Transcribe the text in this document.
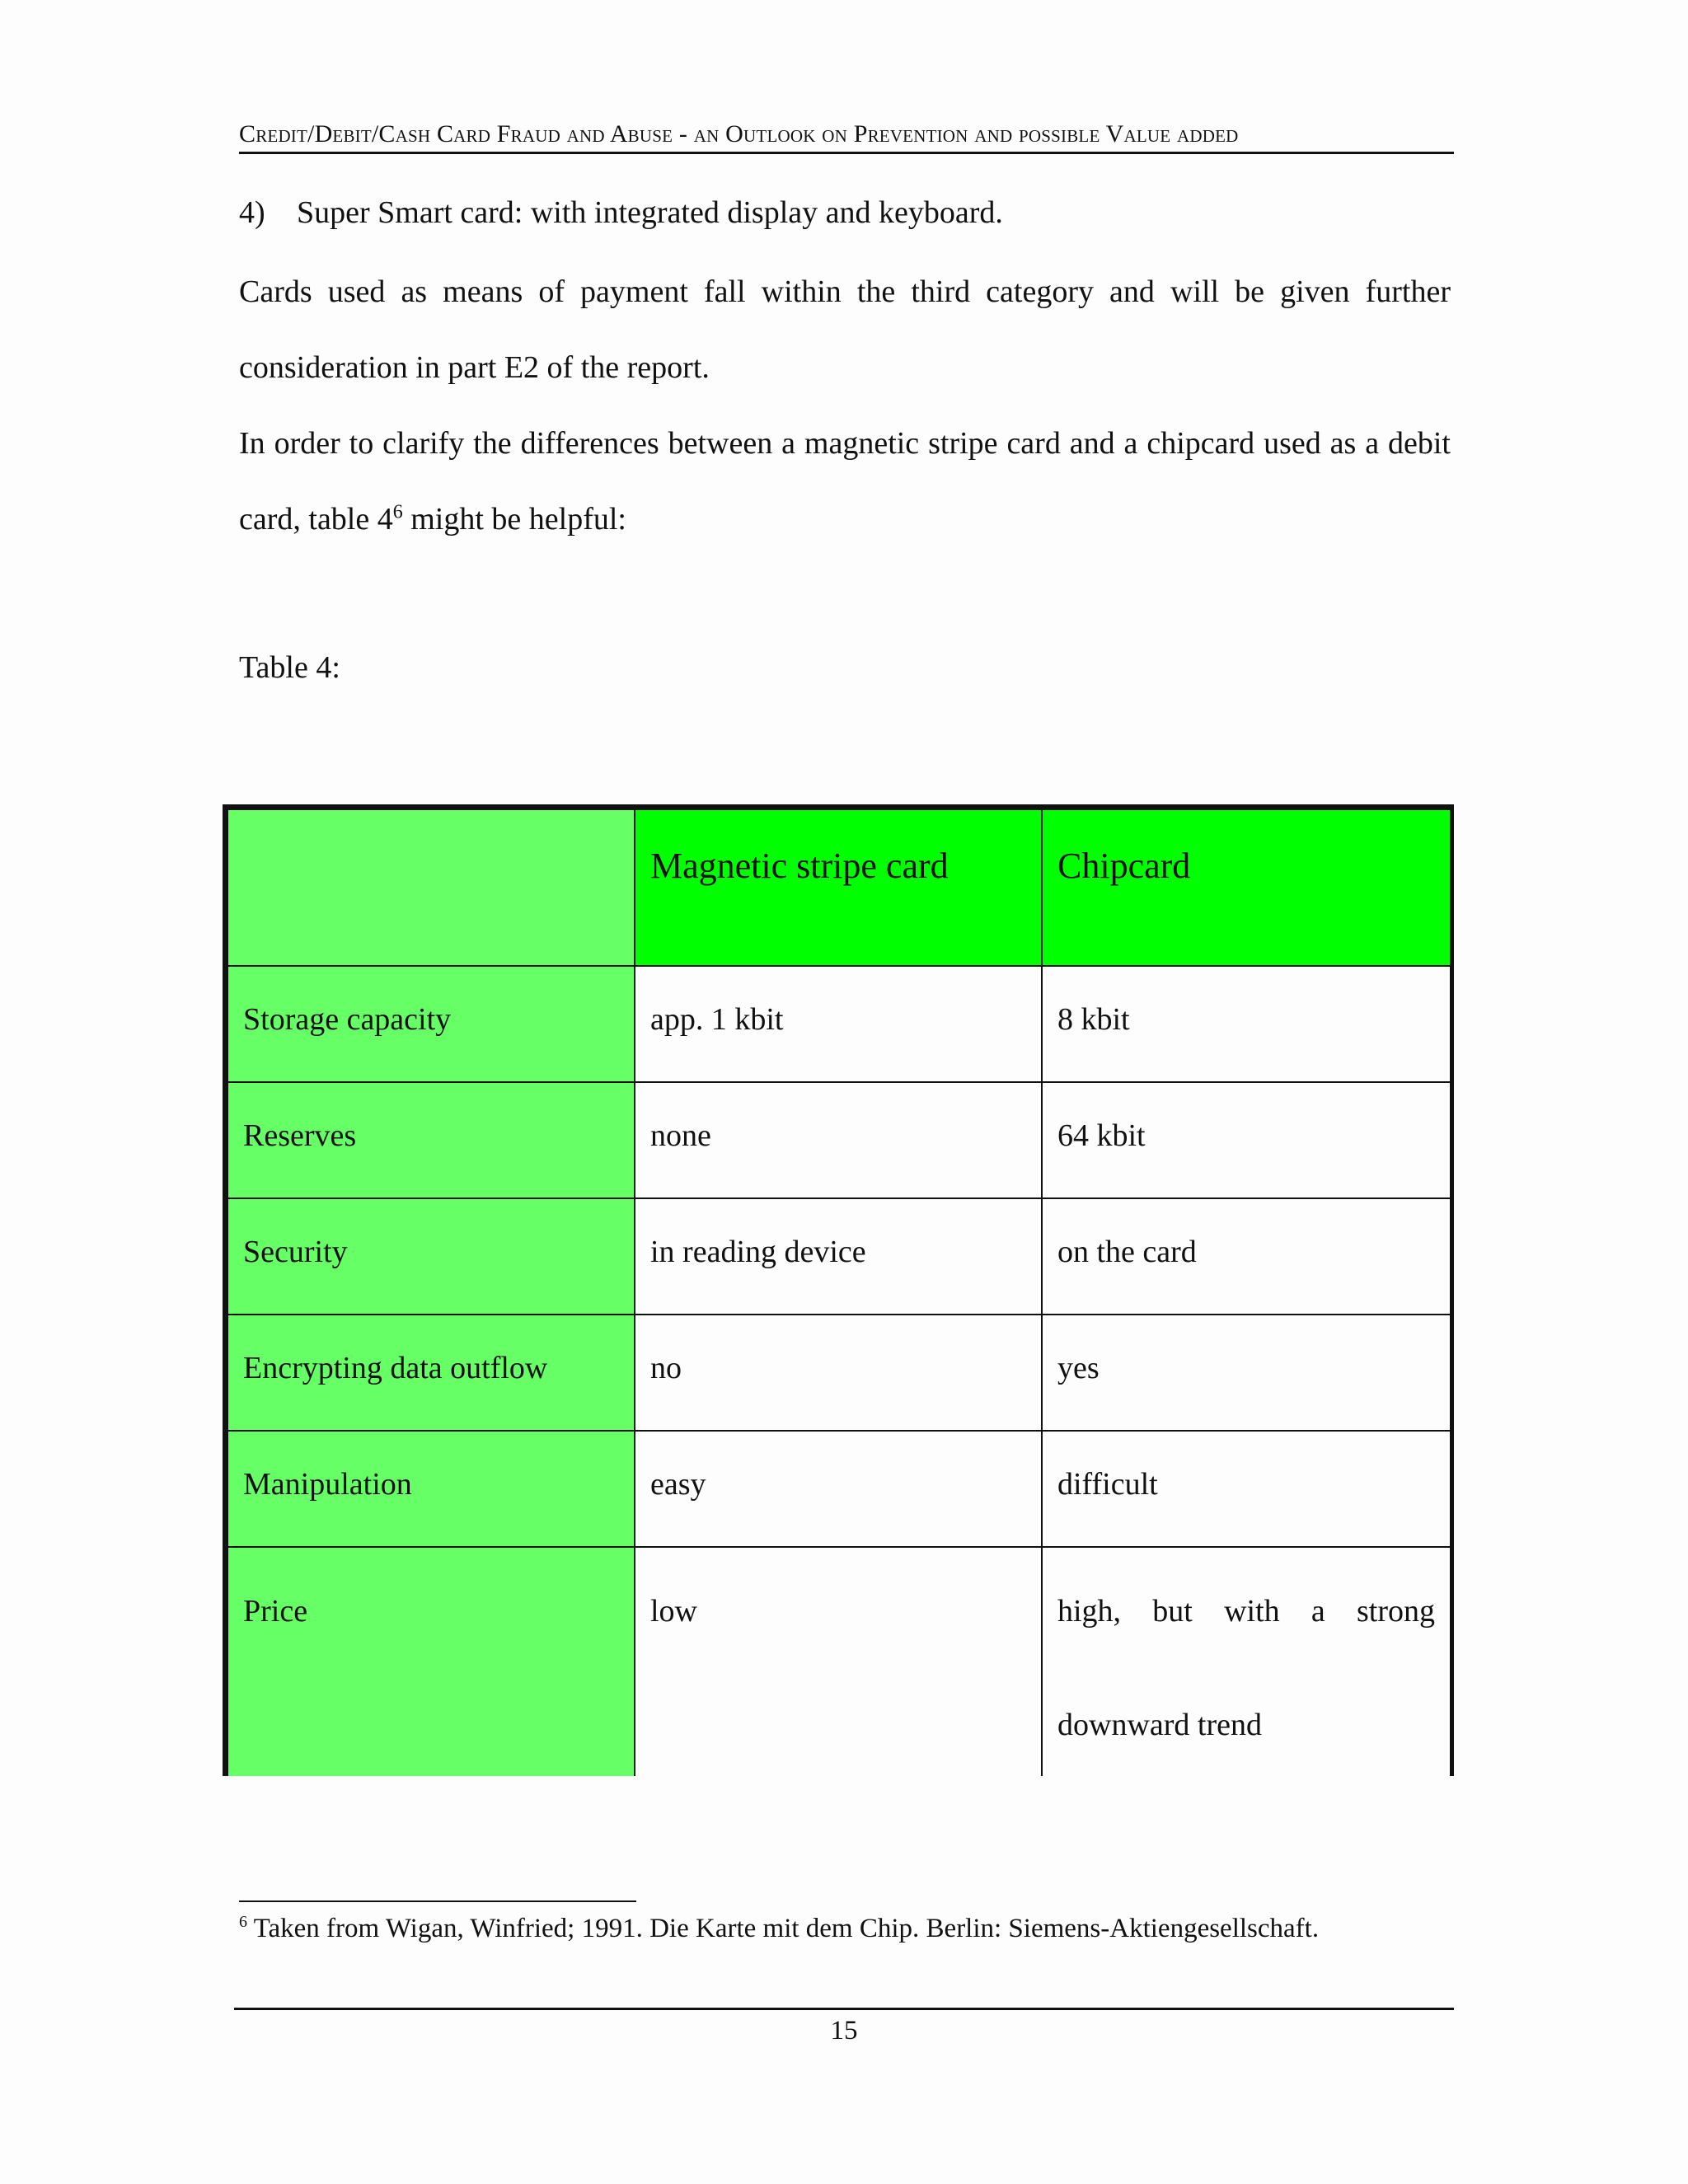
Credit/Debit/Cash Card Fraud and Abuse - an Outlook on Prevention and possible Value added
4) Super Smart card: with integrated display and keyboard.
Cards used as means of payment fall within the third category and will be given further consideration in part E2 of the report.
In order to clarify the differences between a magnetic stripe card and a chipcard used as a debit card, table $4^6$ might be helpful:
Table 4:
	Magnetic stripe card	Chipcard
Storage capacity	app. 1 kbit	8 kbit
Reserves	none	64 kbit
Security	in reading device	on the card
Encrypting data outflow	no	yes
Manipulation	easy	difficult
Price	low	high, but with a strong downward trend
$^6$ Taken from Wigan, Winfried; 1991. Die Karte mit dem Chip. Berlin: Siemens-Aktiengesellschaft.
15
